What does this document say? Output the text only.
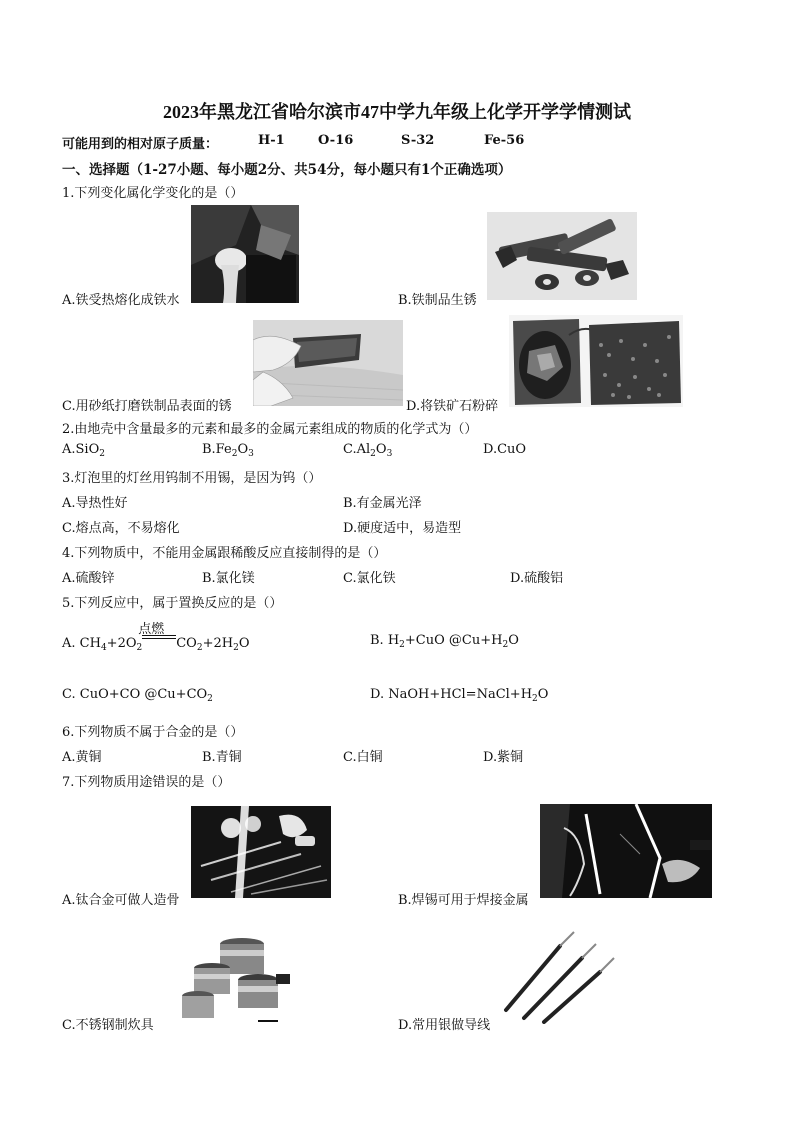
2023年黑龙江省哈尔滨市47中学九年级上化学开学学情测试
可能用到的相对原子质量：	H-1	O-16	S-32	Fe-56
一、选择题（1-27小题、每小题2分、共54分，每小题只有1个正确选项）
1.下列变化属化学变化的是（）
A.铁受热熔化成铁水	B.铁制品生锈
C.用砂纸打磨铁制品表面的锈	D.将铁矿石粉碎
2.由地壳中含量最多的元素和最多的金属元素组成的物质的化学式为（）
A.SiO$_2$	$B.Fe_2O_3$	$C.Al_2O_3$	D.CuO
3.灯泡里的灯丝用钨制不用锡，是因为钨（）
A.导热性好	B.有金属光泽
C.熔点高，不易熔化	D.硬度适中，易造型
4.下列物质中，不能用金属跟稀酸反应直接制得的是（）
A.硫酸锌	B.氯化镁	C.氯化铁	D.硫酸铝
5.下列反应中，属于置换反应的是（）
A. $CH_4+2O_2$
点燃
$CO_2+2H_2O$	B. $H_2+CuO$ $@Cu+H_2O$
C. CuO+CO $@Cu+CO_2$	D. $NaOH+HCl=NaCl+H_2O$
6.下列物质不属于合金的是（）
A.黄铜	B.青铜	C.白铜	D.紫铜
7.下列物质用途错误的是（）
A.钛合金可做人造骨	B.焊锡可用于焊接金属
C.不锈钢制炊具	D.常用银做导线
